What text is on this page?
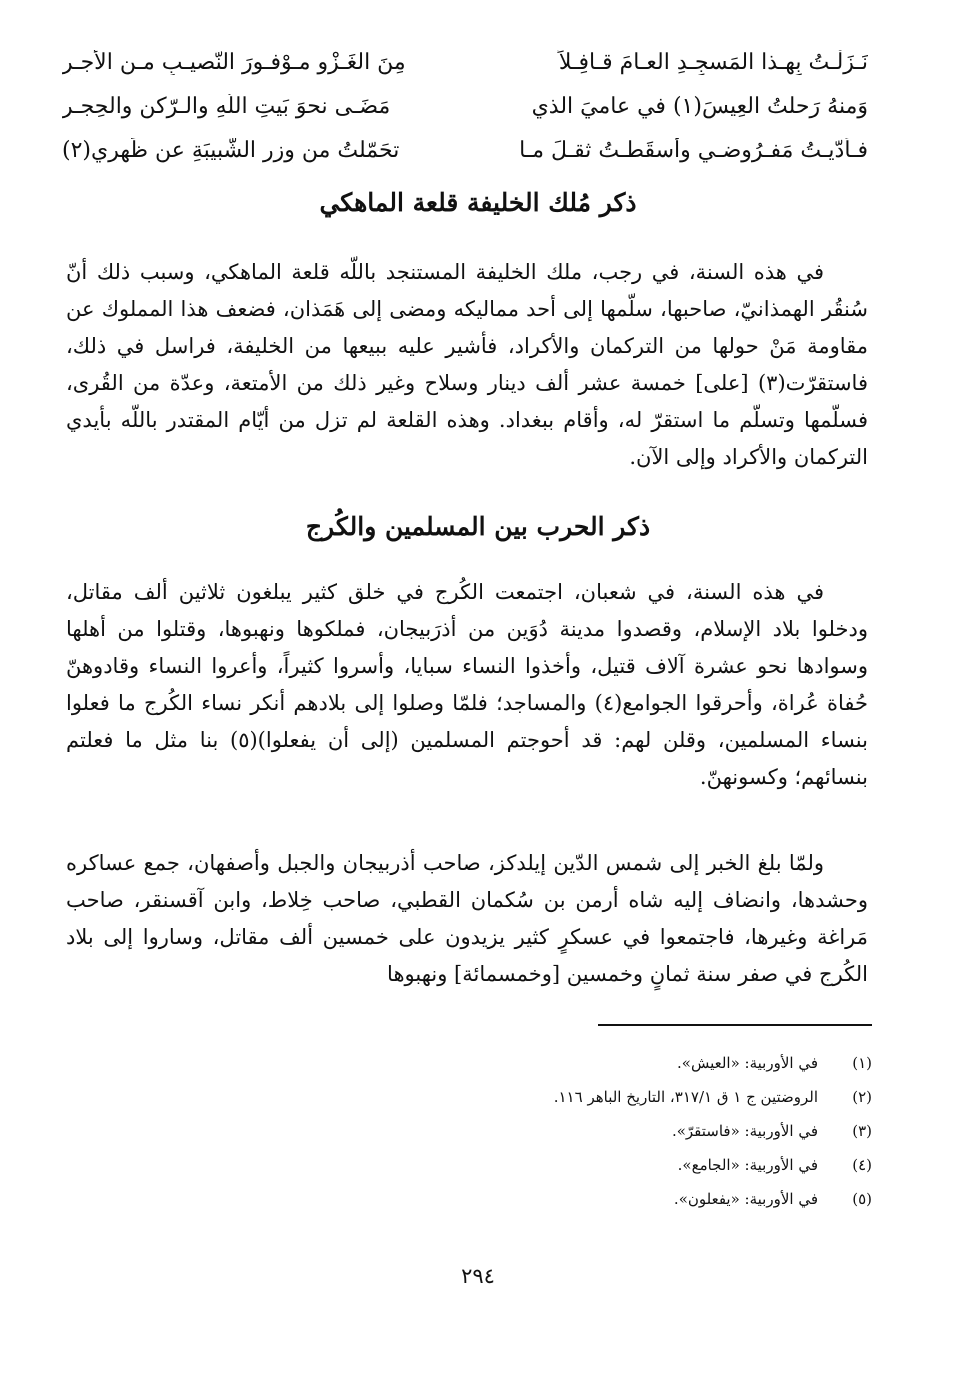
نَـزَلْـتُ بِهـذا المَسجِـدِ العـامَ قـافِـلاً
مِنَ الغَـزْوِ مـوْفـورَ النّصيـبِ مـن الأجـرِ
وَمنهُ رَحلتُ العِيسَ(١) في عاميَ الذي
مَضَـى نحوَ بَيتِ اللّهِ والـرّكنِ والحِجـرِ
فـأدّيـتُ مَفـرُوضـي وأسقَطـتُ ثقـلَ مـا
تحَمّلتُ من وِزرِ الشّبيبَةِ عن ظَهرِي(٢)
ذكر مُلك الخليفة قلعة الماهكي
في هذه السنة، في رجب، ملك الخليفة المستنجد باللّه قلعة الماهكي، وسبب ذلك أنّ سُنقُر الهمذانيّ، صاحبها، سلّمها إلى أحد مماليكه ومضى إلى هَمَذان، فضعف هذا المملوك عن مقاومة مَنْ حولها من التركمان والأكراد، فأشير عليه ببيعها من الخليفة، فراسل في ذلك، فاستقرّت(٣) [على] خمسة عشر ألف دينار وسلاح وغير ذلك من الأمتعة، وعدّة من القُرى، فسلّمها وتسلّم ما استقرّ له، وأقام ببغداد. وهذه القلعة لم تزل من أيّام المقتدر باللّه بأيدي التركمان والأكراد وإلى الآن.
ذكر الحرب بين المسلمين والكُرج
في هذه السنة، في شعبان، اجتمعت الكُرج في خلق كثير يبلغون ثلاثين ألف مقاتل، ودخلوا بلاد الإسلام، وقصدوا مدينة دُوَين من أذرَبيجان، فملكوها ونهبوها، وقتلوا من أهلها وسوادها نحو عشرة آلاف قتيل، وأخذوا النساء سبايا، وأسروا كثيراً، وأعروا النساء وقادوهنّ حُفاة عُراة، وأحرقوا الجوامع(٤) والمساجد؛ فلمّا وصلوا إلى بلادهم أنكر نساء الكُرج ما فعلوا بنساء المسلمين، وقلن لهم: قد أحوجتم المسلمين (إلى أن يفعلوا)(٥) بنا مثل ما فعلتم بنسائهم؛ وكسونهنّ.
ولمّا بلغ الخبر إلى شمس الدّين إيلدكز، صاحب أذربيجان والجبل وأصفهان، جمع عساكره وحشدها، وانضاف إليه شاه أرمن بن سُكمان القطبي، صاحب خِلاط، وابن آقسنقر، صاحب مَراغة وغيرها، فاجتمعوا في عسكرٍ كثير يزيدون على خمسين ألف مقاتل، وساروا إلى بلاد الكُرج في صفر سنة ثمانٍ وخمسين [وخمسمائة] ونهبوها
(١)
في الأوربية: «العيش».
(٢)
الروضتين ج ١ ق ٣١٧/١، التاريخ الباهر ١١٦.
(٣)
في الأوربية: «فاستقرّ».
(٤)
في الأوربية: «الجامع».
(٥)
في الأوربية: «يفعلون».
٢٩٤
